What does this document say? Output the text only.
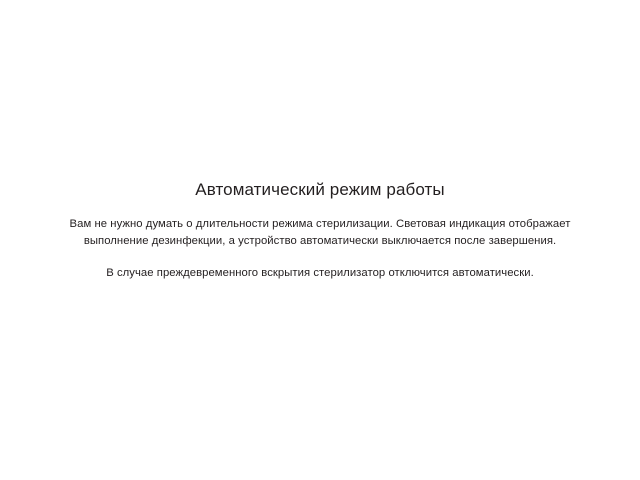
Автоматический режим работы

Вам не нужно думать о длительности режима стерилизации. Световая индикация отображает выполнение дезинфекции, а устройство автоматически выключается после завершения.

В случае преждевременного вскрытия стерилизатор отключится автоматически.
